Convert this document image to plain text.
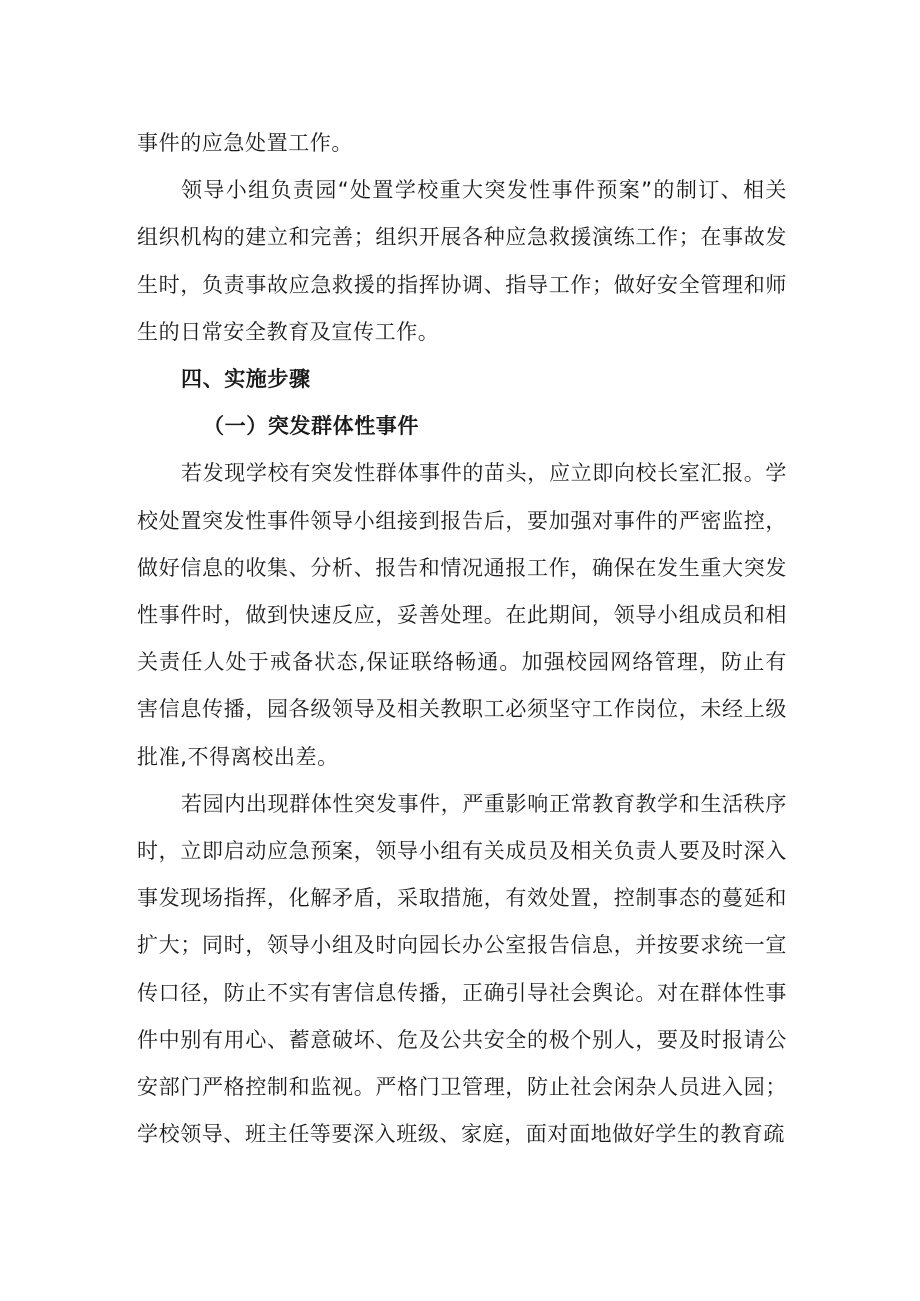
事件的应急处置工作。

领导小组负责园“处置学校重大突发性事件预案”的制订、相关组织机构的建立和完善；组织开展各种应急救援演练工作；在事故发生时，负责事故应急救援的指挥协调、指导工作；做好安全管理和师生的日常安全教育及宣传工作。

四、实施步骤

（一）突发群体性事件

若发现学校有突发性群体事件的苗头，应立即向校长室汇报。学校处置突发性事件领导小组接到报告后，要加强对事件的严密监控，做好信息的收集、分析、报告和情况通报工作，确保在发生重大突发性事件时，做到快速反应，妥善处理。在此期间，领导小组成员和相关责任人处于戒备状态,保证联络畅通。加强校园网络管理，防止有害信息传播，园各级领导及相关教职工必须坚守工作岗位，未经上级批准,不得离校出差。

若园内出现群体性突发事件，严重影响正常教育教学和生活秩序时，立即启动应急预案，领导小组有关成员及相关负责人要及时深入事发现场指挥，化解矛盾，采取措施，有效处置，控制事态的蔓延和扩大；同时，领导小组及时向园长办公室报告信息，并按要求统一宣传口径，防止不实有害信息传播，正确引导社会舆论。对在群体性事件中别有用心、蓄意破坏、危及公共安全的极个别人，要及时报请公安部门严格控制和监视。严格门卫管理，防止社会闲杂人员进入园；学校领导、班主任等要深入班级、家庭，面对面地做好学生的教育疏
